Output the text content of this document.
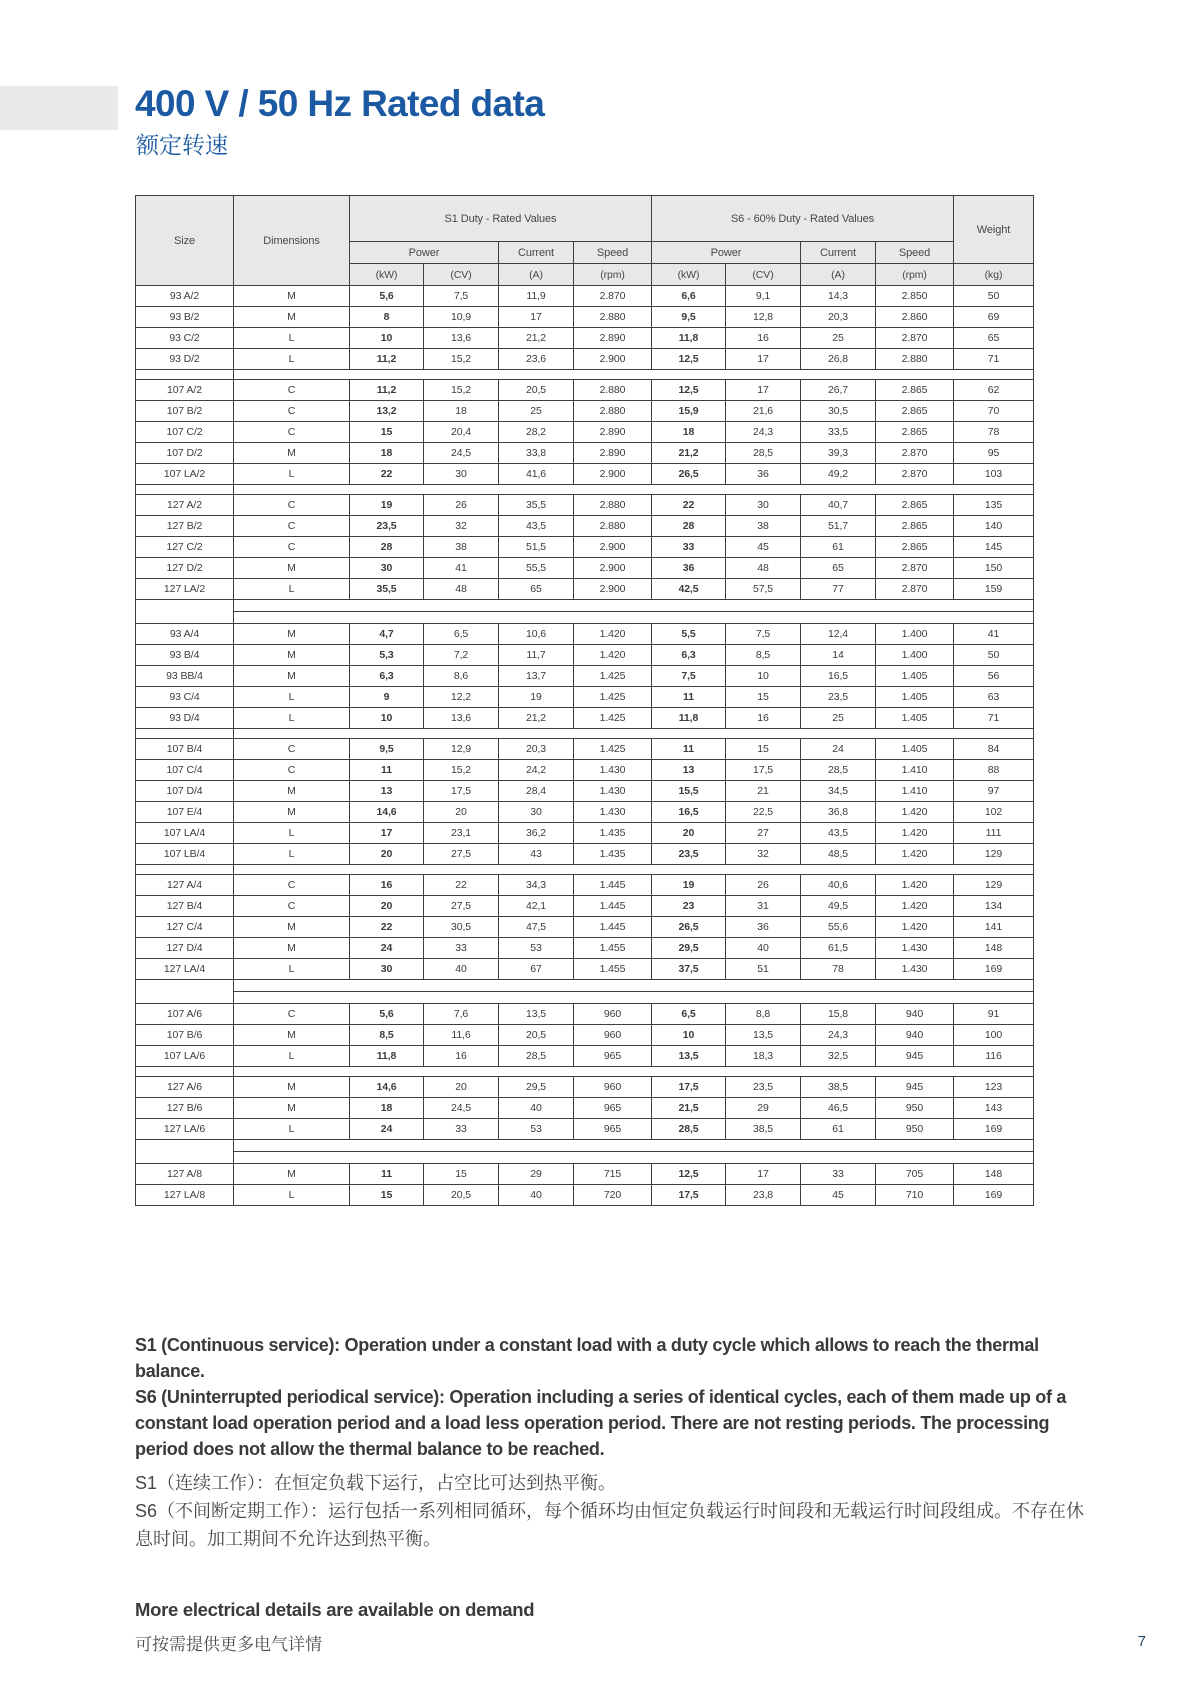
400 V / 50 Hz Rated data
额定转速
Size	Dimensions	S1 Duty - Rated Values				S6 - 60% Duty - Rated Values				Weight
		Power		Current	Speed	Power		Current	Speed	
		(kW)	(CV)	(A)	(rpm)	(kW)	(CV)	(A)	(rpm)	(kg)
93 A/2	M	5,6	7,5	11,9	2.870	6,6	9,1	14,3	2.850	50
93 B/2	M	8	10,9	17	2.880	9,5	12,8	20,3	2.860	69
93 C/2	L	10	13,6	21,2	2.890	11,8	16	25	2.870	65
93 D/2	L	11,2	15,2	23,6	2.900	12,5	17	26,8	2.880	71

107 A/2	C	11,2	15,2	20,5	2.880	12,5	17	26,7	2.865	62
107 B/2	C	13,2	18	25	2.880	15,9	21,6	30,5	2.865	70
107 C/2	C	15	20,4	28,2	2.890	18	24,3	33,5	2.865	78
107 D/2	M	18	24,5	33,8	2.890	21,2	28,5	39,3	2.870	95
107 LA/2	L	22	30	41,6	2.900	26,5	36	49,2	2.870	103

127 A/2	C	19	26	35,5	2.880	22	30	40,7	2.865	135
127 B/2	C	23,5	32	43,5	2.880	28	38	51,7	2.865	140
127 C/2	C	28	38	51,5	2.900	33	45	61	2.865	145
127 D/2	M	30	41	55,5	2.900	36	48	65	2.870	150
127 LA/2	L	35,5	48	65	2.900	42,5	57,5	77	2.870	159

93 A/4	M	4,7	6,5	10,6	1.420	5,5	7,5	12,4	1.400	41
93 B/4	M	5,3	7,2	11,7	1.420	6,3	8,5	14	1.400	50
93 BB/4	M	6,3	8,6	13,7	1.425	7,5	10	16,5	1.405	56
93 C/4	L	9	12,2	19	1.425	11	15	23,5	1.405	63
93 D/4	L	10	13,6	21,2	1.425	11,8	16	25	1.405	71

107 B/4	C	9,5	12,9	20,3	1.425	11	15	24	1.405	84
107 C/4	C	11	15,2	24,2	1.430	13	17,5	28,5	1.410	88
107 D/4	M	13	17,5	28,4	1.430	15,5	21	34,5	1.410	97
107 E/4	M	14,6	20	30	1.430	16,5	22,5	36,8	1.420	102
107 LA/4	L	17	23,1	36,2	1.435	20	27	43,5	1.420	111
107 LB/4	L	20	27,5	43	1.435	23,5	32	48,5	1.420	129

127 A/4	C	16	22	34,3	1.445	19	26	40,6	1.420	129
127 B/4	C	20	27,5	42,1	1.445	23	31	49,5	1.420	134
127 C/4	M	22	30,5	47,5	1.445	26,5	36	55,6	1.420	141
127 D/4	M	24	33	53	1.455	29,5	40	61,5	1.430	148
127 LA/4	L	30	40	67	1.455	37,5	51	78	1.430	169

107 A/6	C	5,6	7,6	13,5	960	6,5	8,8	15,8	940	91
107 B/6	M	8,5	11,6	20,5	960	10	13,5	24,3	940	100
107 LA/6	L	11,8	16	28,5	965	13,5	18,3	32,5	945	116

127 A/6	M	14,6	20	29,5	960	17,5	23,5	38,5	945	123
127 B/6	M	18	24,5	40	965	21,5	29	46,5	950	143
127 LA/6	L	24	33	53	965	28,5	38,5	61	950	169

127 A/8	M	11	15	29	715	12,5	17	33	705	148
127 LA/8	L	15	20,5	40	720	17,5	23,8	45	710	169

S1 (Continuous service): Operation under a constant load with a duty cycle which allows to reach the thermal balance.

S6 (Uninterrupted periodical service): Operation including a series of identical cycles, each of them made up of a constant load operation period and a load less operation period. There are not resting periods. The processing period does not allow the thermal balance to be reached.

S1（连续工作）：在恒定负载下运行，占空比可达到热平衡。

S6（不间断定期工作）：运行包括一系列相同循环，每个循环均由恒定负载运行时间段和无载运行时间段组成。不存在休息时间。加工期间不允许达到热平衡。

More electrical details are available on demand
可按需提供更多电气详情	7
